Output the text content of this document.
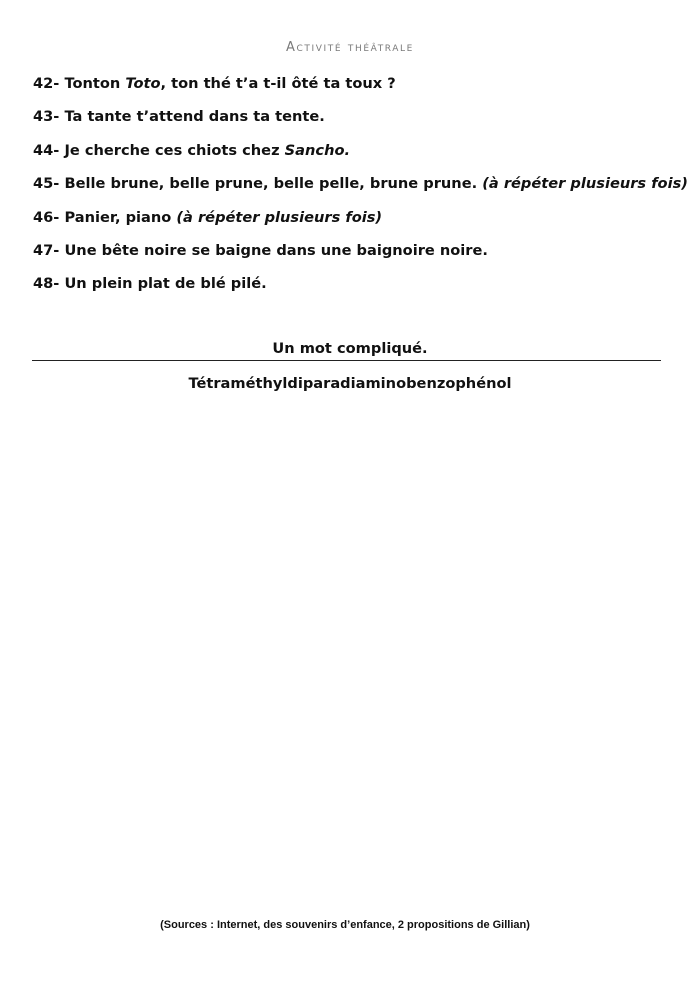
Activité théâtrale
42- Tonton Toto, ton thé t’a t-il ôté ta toux ?
43- Ta tante t’attend dans ta tente.
44- Je cherche ces chiots chez Sancho.
45- Belle brune, belle prune, belle pelle, brune prune. (à répéter plusieurs fois)
46- Panier, piano (à répéter plusieurs fois)
47- Une bête noire se baigne dans une baignoire noire.
48- Un plein plat de blé pilé.
Un mot compliqué.
Tétraméthyldiparadiaminobenzophénol
(Sources : Internet, des souvenirs d’enfance, 2 propositions de Gillian)
